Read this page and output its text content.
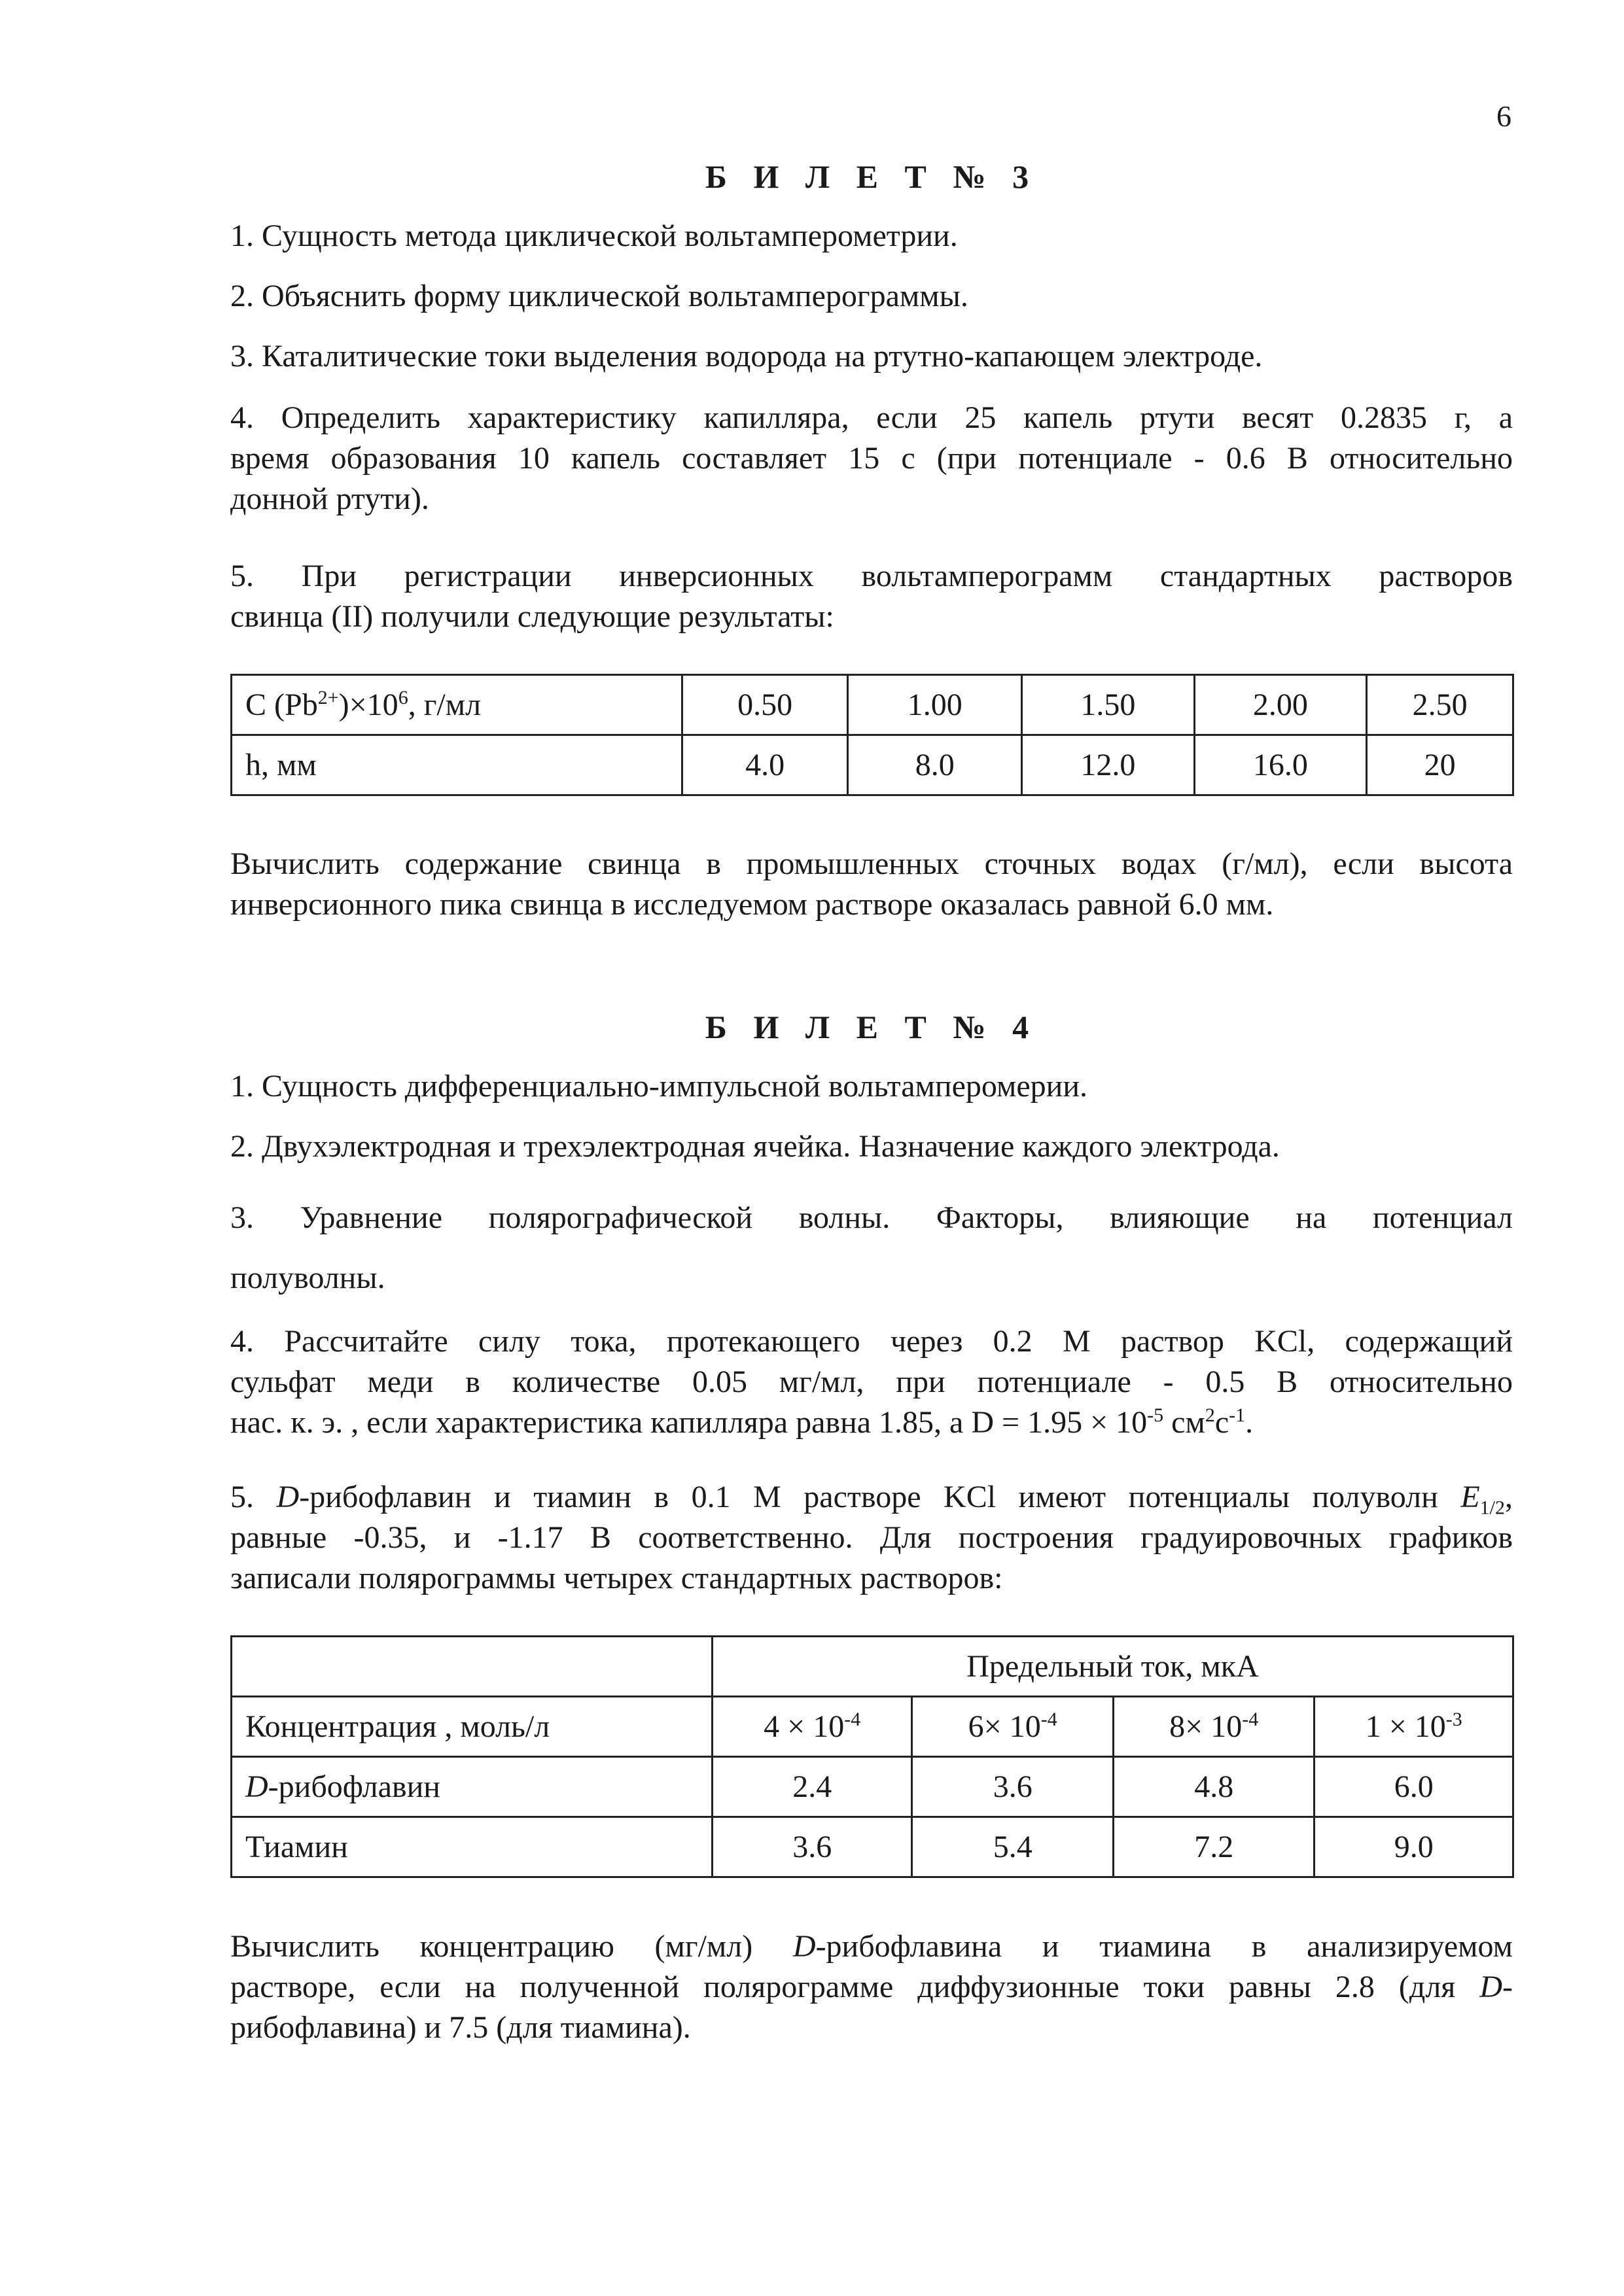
6
Б И Л Е Т № 3

1. Сущность метода циклической вольтамперометрии.

2. Объяснить форму циклической вольтамперограммы.

3. Каталитические токи выделения водорода на ртутно-капающем электроде.

4. Определить характеристику капилляра, если 25 капель ртути весят 0.2835 г, а
время образования 10 капель составляет 15 с (при потенциале - 0.6 В относительно
донной ртути).
5. При регистрации инверсионных вольтамперограмм стандартных растворов
свинца (II) получили следующие результаты:
C $(Pb^{2+})\times 10^6$, г/мл	0.50	1.00	1.50	2.00	2.50
h, мм	4.0	8.0	12.0	16.0	20
Вычислить содержание свинца в промышленных сточных водах (г/мл), если высота
инверсионного пика свинца в исследуемом растворе оказалась равной 6.0 мм.
Б И Л Е Т № 4

1. Сущность дифференциально-импульсной вольтамперомерии.

2. Двухэлектродная и трехэлектродная ячейка. Назначение каждого электрода.

3. Уравнение полярографической волны. Факторы, влияющие на потенциал
полуволны.
4. Рассчитайте силу тока, протекающего через 0.2 М раствор KCl, содержащий
сульфат меди в количестве 0.05 мг/мл, при потенциале - 0.5 В относительно
нас. к. э. , если характеристика капилляра равна 1.85, а $D = 1.95 \times 10^{-5}$ $см^2с^{-1}$.
5. D-рибофлавин и тиамин в 0.1 М растворе KCl имеют потенциалы полуволн $E_{1/2}$,
равные -0.35, и -1.17 В соответственно. Для построения градуировочных графиков
записали полярограммы четырех стандартных растворов:
	Предельный ток, мкА			
Концентрация , моль/л	$4 \times 10^{-4}$	$6\times 10^{-4}$	$8\times 10^{-4}$	$1 \times 10^{-3}$
D-рибофлавин	2.4	3.6	4.8	6.0
Тиамин	3.6	5.4	7.2	9.0
Вычислить концентрацию (мг/мл) D-рибофлавина и тиамина в анализируемом
растворе, если на полученной полярограмме диффузионные токи равны 2.8 (для D-
рибофлавина) и 7.5 (для тиамина).
